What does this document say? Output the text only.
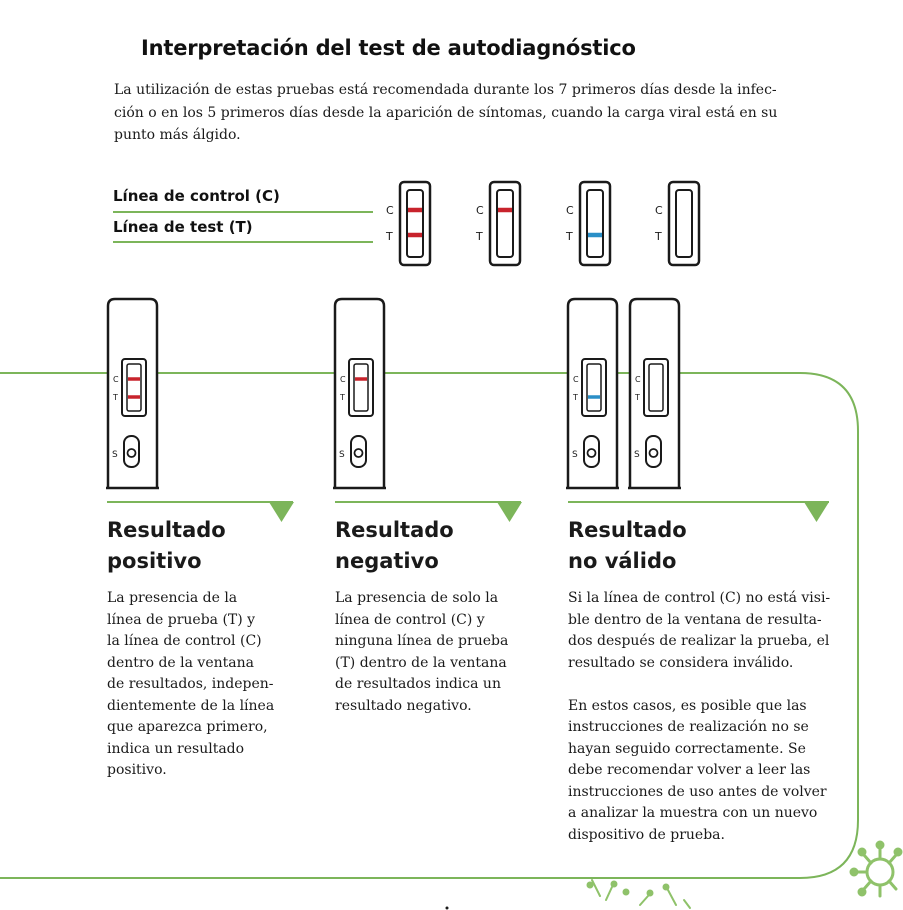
Interpretación del test de autodiagnóstico
La utilización de estas pruebas está recomendada durante los 7 primeros días desde la infec-
ción o en los 5 primeros días desde la aparición de síntomas, cuando la carga viral está en su
punto más álgido.
Línea de control (C)
Línea de test (T)
C
T
C
T
C
T
C
T
C
T
C
T
C
T
C
T
S	S	S	S
Resultado
positivo
La presencia de la
línea de prueba (T) y
la línea de control (C)
dentro de la ventana
de resultados, indepen-
dientemente de la línea
que aparezca primero,
indica un resultado
positivo.
Resultado
negativo
La presencia de solo la
línea de control (C) y
ninguna línea de prueba
(T) dentro de la ventana
de resultados indica un
resultado negativo.
Resultado
no válido
Si la línea de control (C) no está visi-
ble dentro de la ventana de resulta-
dos después de realizar la prueba, el
resultado se considera inválido.
En estos casos, es posible que las
instrucciones de realización no se
hayan seguido correctamente. Se
debe recomendar volver a leer las
instrucciones de uso antes de volver
a analizar la muestra con un nuevo
dispositivo de prueba.
